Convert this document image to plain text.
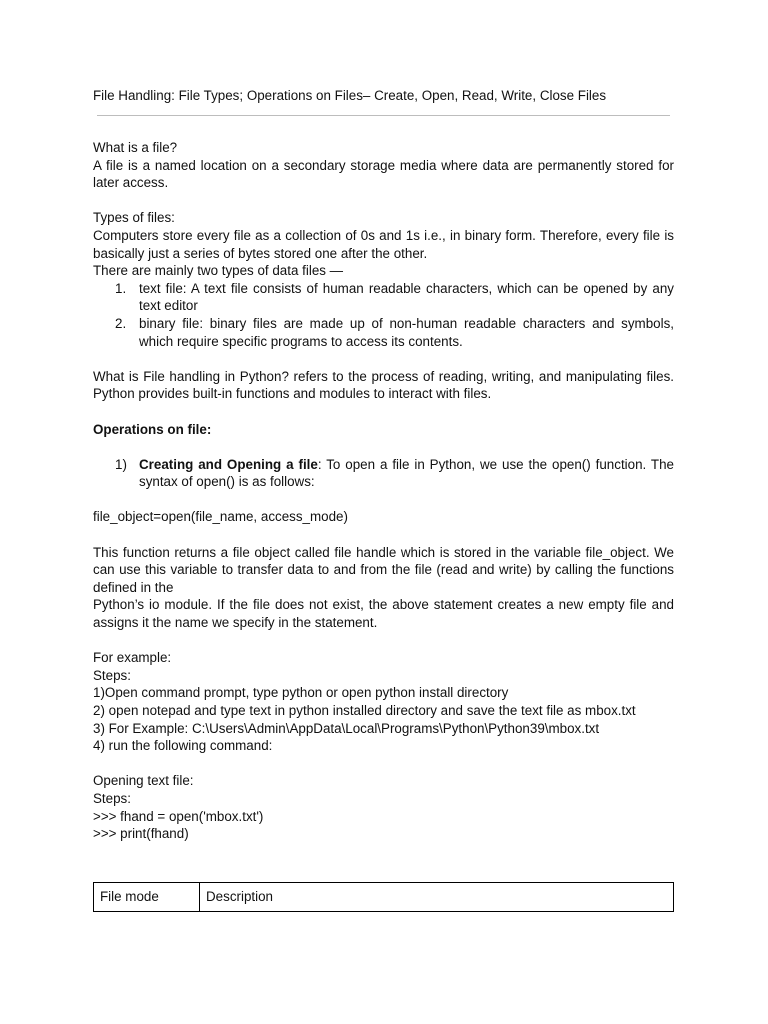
File Handling: File Types; Operations on Files– Create, Open, Read, Write, Close Files

What is a file?

A file is a named location on a secondary storage media where data are permanently stored for later access.

Types of files:

Computers store every file as a collection of 0s and 1s i.e., in binary form. Therefore, every file is basically just a series of bytes stored one after the other.

There are mainly two types of data files —

1. text file: A text file consists of human readable characters, which can be opened by any text editor
2. binary file: binary files are made up of non-human readable characters and symbols, which require specific programs to access its contents.

What is File handling in Python? refers to the process of reading, writing, and manipulating files. Python provides built-in functions and modules to interact with files.

Operations on file:

1) Creating and Opening a file: To open a file in Python, we use the open() function. The syntax of open() is as follows:

file_object=open(file_name, access_mode)

This function returns a file object called file handle which is stored in the variable file_object. We can use this variable to transfer data to and from the file (read and write) by calling the functions defined in the

Python’s io module. If the file does not exist, the above statement creates a new empty file and assigns it the name we specify in the statement.

For example:

Steps:

1)Open command prompt, type python or open python install directory

2) open notepad and type text in python installed directory and save the text file as mbox.txt

3) For Example: C:\Users\Admin\AppData\Local\Programs\Python\Python39\mbox.txt

4) run the following command:

Opening text file:

Steps:

>>> fhand = open('mbox.txt')

>>> print(fhand)

File mode	Description
